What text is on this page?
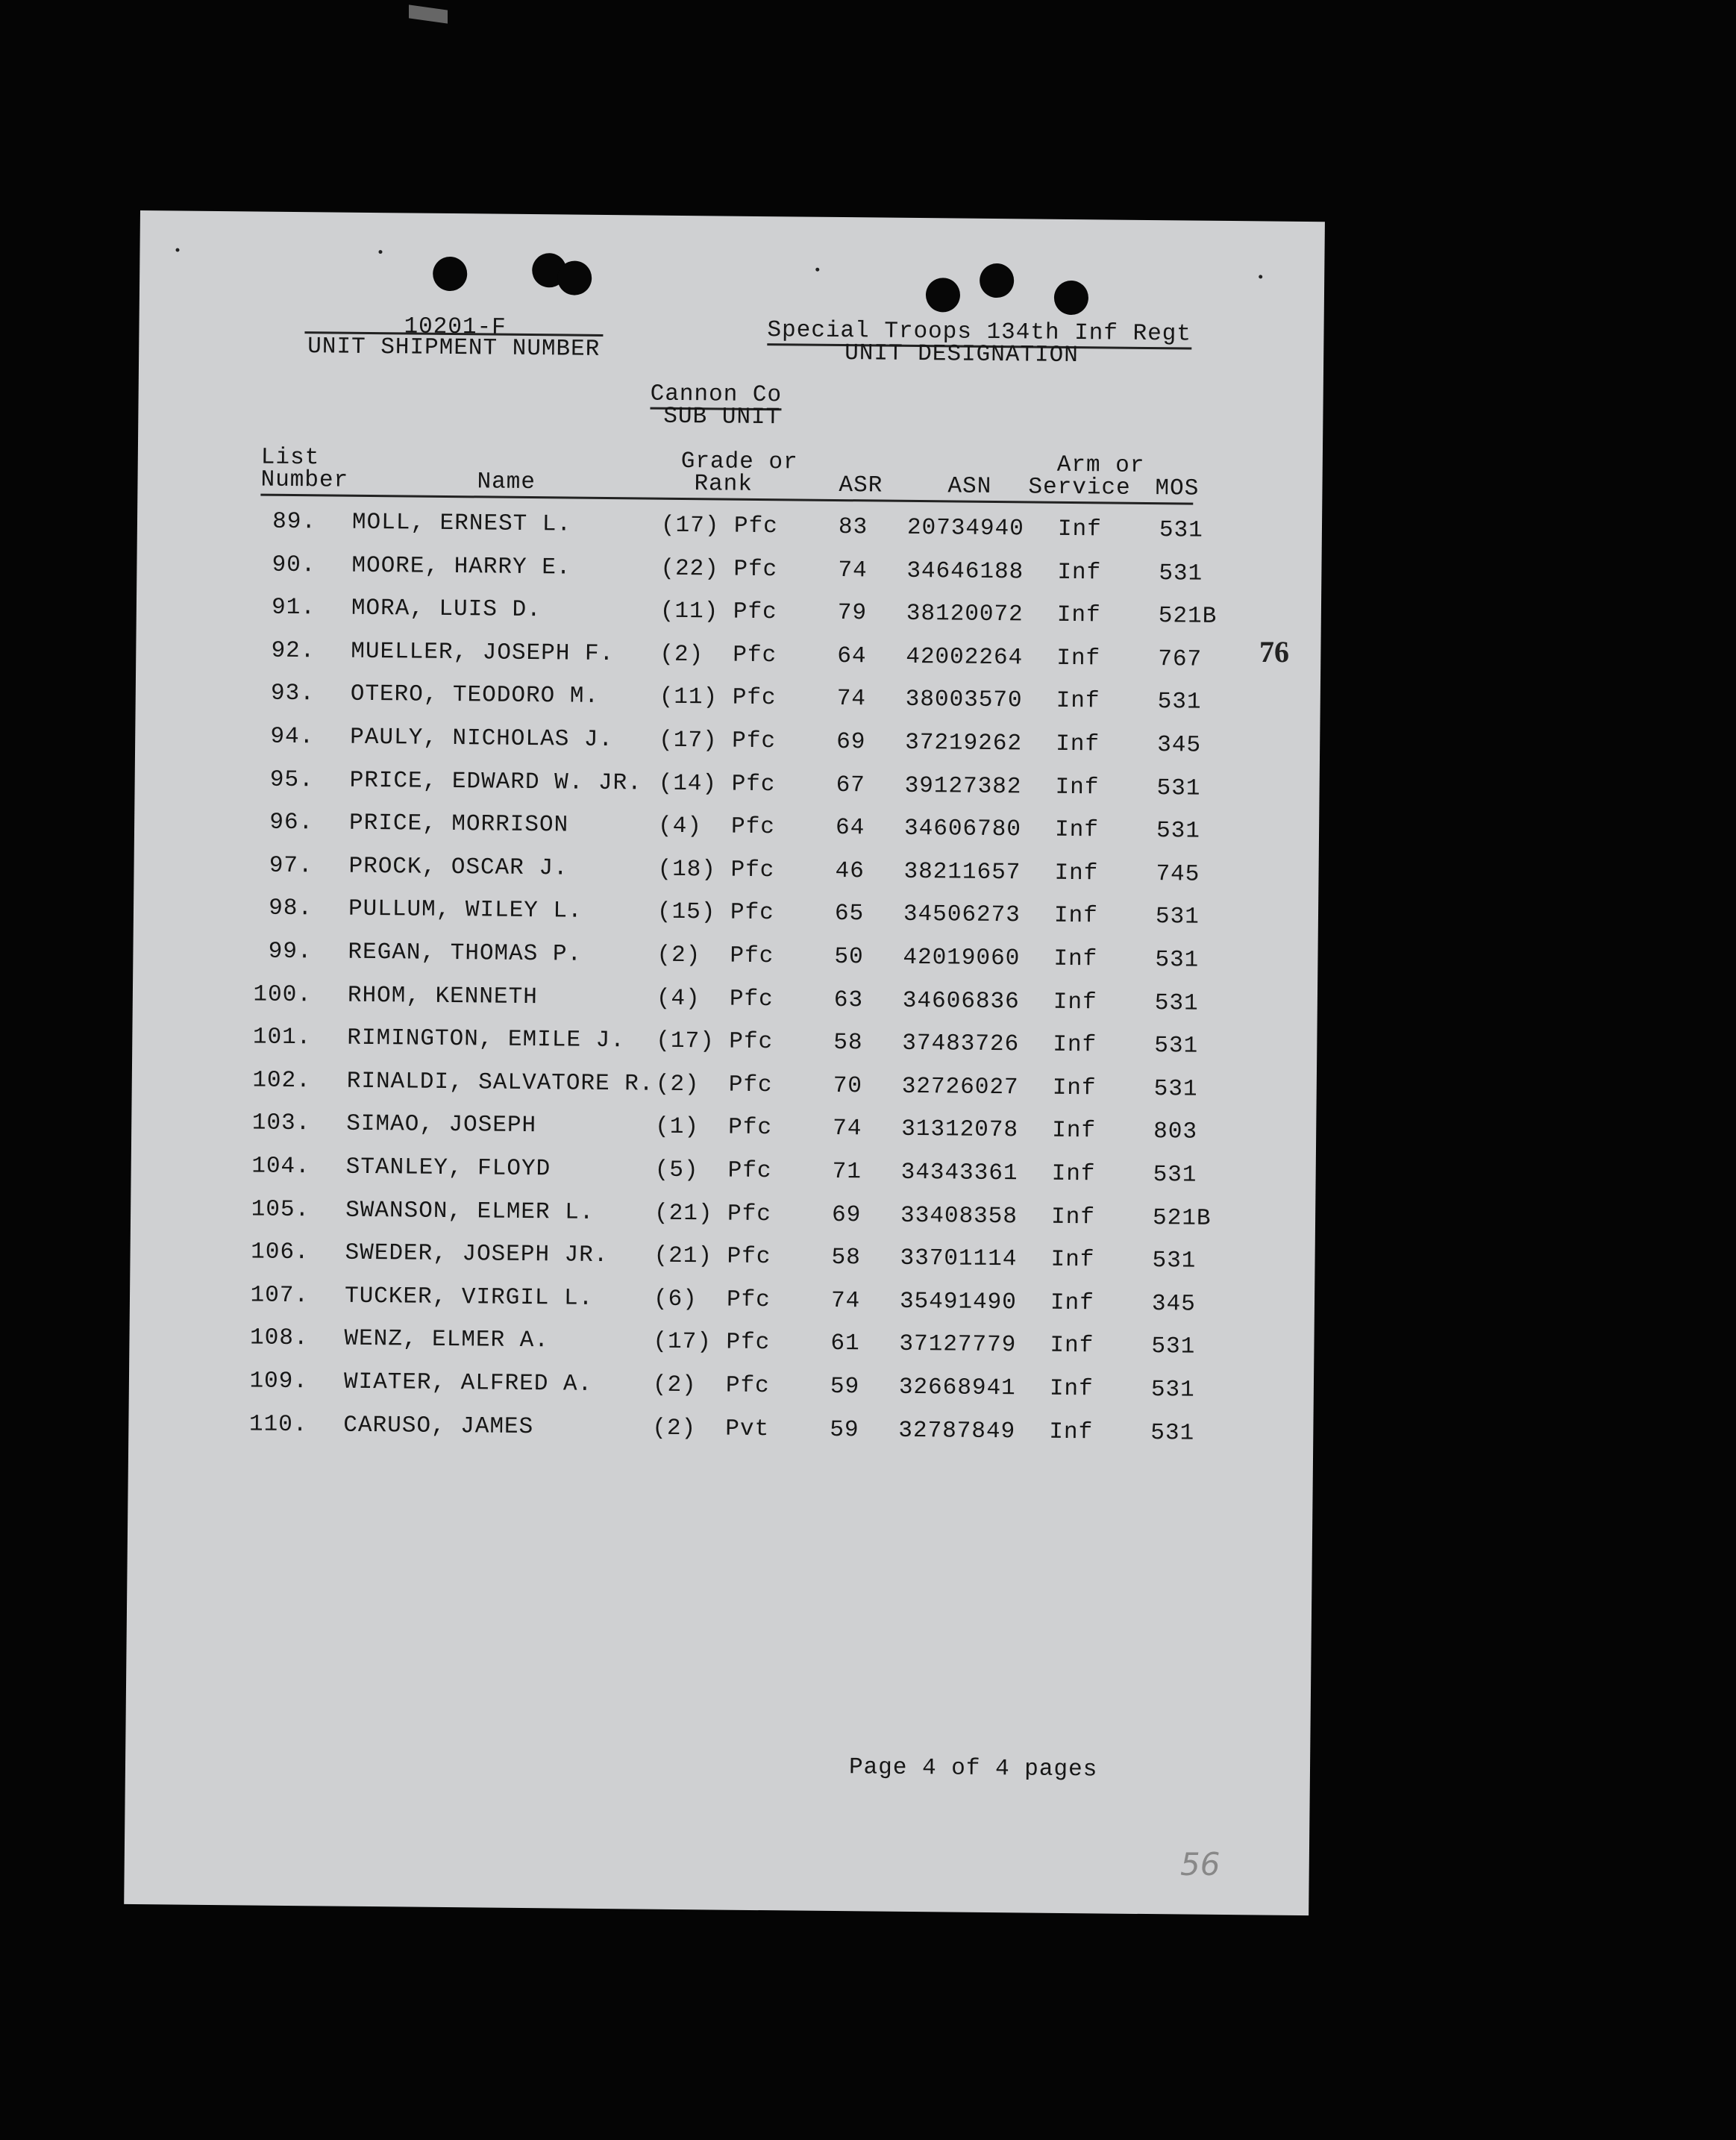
10201-F
UNIT SHIPMENT NUMBER
Special Troops 134th Inf Regt
UNIT DESIGNATION
Cannon Co
SUB UNIT
List
Number	Name
Grade or
Rank	ASR	ASN
Arm or
Service MOS
89. MOLL, ERNEST L.	(17) Pfc	83 20734940 Inf 531
90. MOORE, HARRY E.	(22) Pfc	74 34646188 Inf 531
91. MORA, LUIS D.	(11) Pfc	79 38120072 Inf 521B
92. MUELLER, JOSEPH F. (2) Pfc	64 42002264 Inf 767
93. OTERO, TEODORO M.	(11) Pfc	74 38003570 Inf 531
94. PAULY, NICHOLAS J. (17) Pfc	69 37219262 Inf 345
95. PRICE, EDWARD W. JR. (14) Pfc	67 39127382 Inf 531
96. PRICE, MORRISON	(4) Pfc	64 34606780 Inf 531
97. PROCK, OSCAR J.	(18) Pfc	46 38211657 Inf 745
98. PULLUM, WILEY L.	(15) Pfc	65 34506273 Inf 531
99. REGAN, THOMAS P.	(2) Pfc	50 42019060 Inf 531
100. RHOM, KENNETH	(4) Pfc	63 34606836 Inf 531
101. RIMINGTON, EMILE J. (17) Pfc	58 37483726 Inf 531
102. RINALDI, SALVATORE R. (2) Pfc	70 32726027 Inf 531
103. SIMAO, JOSEPH	(1) Pfc	74 31312078 Inf 803
104. STANLEY, FLOYD	(5) Pfc	71 34343361 Inf 531
105. SWANSON, ELMER L.	(21) Pfc	69 33408358 Inf 521B
106. SWEDER, JOSEPH JR. (21) Pfc	58 33701114 Inf 531
107. TUCKER, VIRGIL L.	(6) Pfc	74 35491490 Inf 345
108. WENZ, ELMER A.	(17) Pfc	61 37127779 Inf 531
109. WIATER, ALFRED A.	(2) Pfc	59 32668941 Inf 531
110. CARUSO, JAMES	(2) Pvt	59 32787849 Inf 531
Page 4 of 4 pages
76
56
